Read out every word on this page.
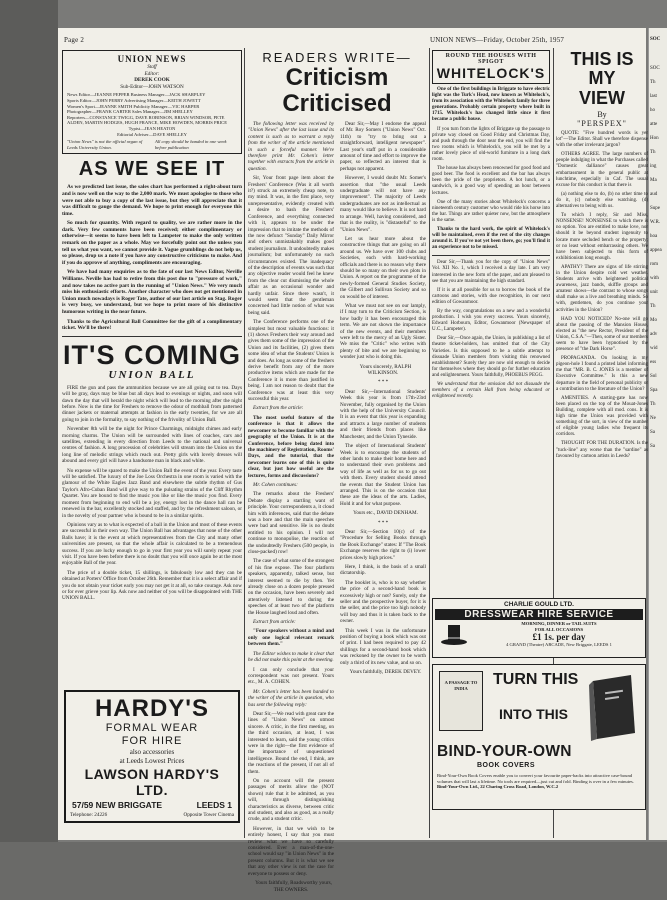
SOC
Page 2	UNION NEWS—Friday, October 25th, 1957
UNION NEWS
Staff
Editor:
DEREK COOK
Sub-Editor—JOHN WATSON
News Editor—JEANNE PEPPER Business Manager—JACK SHARPLEY
Sports Editor—JOHN PERRY Advertising Manager—KEITH JOWETT
Women's Sport—JEANNE SMITH Publicity Manager—VIC HARPER
Photographer—FRANK CARTER Sales Manager—JIM SHELLEY
Reporters—CONSTANCE TWIGG, DAVE ROBINSON, BRIAN WINDSOR, PETE ALDEN, MARTIN HODGES, HUGH FRANCE, MIKE HOWDEN, MORRIS PRICE
Typist—JEAN HEATON
Editorial Adviser—DAVE SHELLEY
"Union News" is not the official organ of Leeds University Union.
All copy should be handed in one week before publication
AS WE SEE IT

As we predicted last issue, the sales chart has performed a right-about turn and is now well on the way to the 2,000 mark. We must apologise to those who were not able to buy a copy of the last issue, but they will appreciate that it was difficult to gauge the demand. We hope to print enough for everyone this time.

So much for quantity. With regard to quality, we are rather more in the dark. Very few comments have been received; either complimentary or otherwise—it seems to have been left to Lampeter to make the only written remark on the paper as a whole. May we forcefully point out the unless you tell us what you want, we cannot provide it. Vague grumblings do not help us, so please, drop us a note if you have any constructive criticisms to make. And if you do approve of anything, compliments are encouraging.

We have had many enquiries as to the fate of our last News Editor, Neville Williams. Neville has had to retire from this post due to "pressure of work," and now takes no active part in the running of "Union News." We very much miss his enthusiastic efforts. Another character who does not get mentioned in Union much nowadays is Roger Tate, author of our last article on Stag. Roger is very busy, we understand, but we hope to print more of his distinctive humorous writing in the near future.

Thanks to the Agricultural Ball Committee for the gift of a complimentary ticket. We'll be there!

IT'S COMING
UNION BALL

FIRE the gun and pass the ammunition because we are all going out to tea. Days will be gray, days may be blue but all days lead to evenings or nights, and soon will dawn the day that will herald the night which will lead to the morning after the night before. Now is the time for Freshers to remove the odour of mothball from patterned dinner jackets or maternal attempts at fashion in the early twenties, for we are all going to join in the formality, to say nothing of the frivolity of Union Ball.

November 8th will be the night for Prince Charmings, midnight chimes and early morning charms. The Union will be surrounded with lines of coaches, cars and satellites, extending in every direction from Leeds to the national and universal centres of fashion. A long procession of celebrities will stream into the Union on the long line of melodic strings which reach out. Pretty girls with lovely dresses will abound and every girl will have a handsome man in black and white.

No expense will be spared to make the Union Ball the event of the year. Every taste will be satisfied. The luxury of the Joe Loss Orchestra in one room is varied with the glamour of the White Eagles Jazz Band and elsewhere the subtle rhythm of Gus Taylor's Afro-Cuban Band will give way to the pulsating strains of the Cliff Rhythm Quartet. You are bound to find the music you like or like the music you find. Every moment from beginning to end will be a joy, energy lost in the dance hall can be renewed in the bar, excellently stocked and staffed, and by the refreshment saloon, or in the novelty of your partner who is bound to be in a similar spirits.

Opinions vary as to what is expected of a ball in the Union and most of these events are successful in their own way. The Union Ball has advantages that none of the other Balls have; it is the event at which representatives from the City and many other universities are present, so that the whole affair is calculated to be a tremendous success. If you are lucky enough to go in your first year you will surely repeat your visit. If you have been before there is no doubt that you will once again be at the most enjoyable Ball of the year.

The price of a double ticket, 15 shillings, is fabulously low and they can be obtained at Porters' Office from October 26th. Remember that it is a select affair and if you do not obtain your ticket early you may not get it at all, so take courage. Ask now or for ever grieve your lip. Ask now and neither of you will be disappointed with THE UNION BALL.

HARDY'S
FORMAL WEAR
FOR HIRE
also accessories
at Leeds Lowest Prices
LAWSON HARDY'S LTD.
57/59 NEW BRIGGATE	LEEDS 1
Telephone: 24226	Opposite Tower Cinema
READERS WRITE—
Criticism Criticised

The following letter was received by "Union News" after the last issue and its content is such as to warrant a reply from the writer of the article mentioned in such a forceful manner. We're therefore print Mr. Cohen's letter together with extracts from the article in question.

Sir, Your front page item about the Freshers' Conference (Was it all worth it?) struck an extremely cheap note, to my mind. It was, in the first place, very unrepresentative, evidently created with a desire to bash the Freshers' Conference, and everything connected with it, appears to be under the impression that to imitate the methods of the now defunct "Sunday" Daily Mirror and others unmistakably makes good student journalism. It undoubtedly makes journalism; but unfortunately no such circumstances existed. The inadequacy of the description of events was such that any objective reader would feel he knew from the clear cut dismissing the whole affair as an occasional wonder and hardly unfair. Since there wasn't, it would seem that the gentleman concerned had little notion of what was being said.

The Conference performs one of the simplest but most valuable functions: it (1) shows Freshers their way around and gives them some of the impression of the Union and its facilities, (2) gives them some idea of what the Students' Union is and does. As long as some of the freshers derive benefit from any of the more productive items which are made for the Conference it is more than justified in being. I am not reason to doubt that the Conference was at least this very successful this year.

Extract from the article:

The most useful feature of the conference is that it allows the newcomer to become familiar with the geography of the Union. It is at the Conference, before being dated into the machinery of Registration, Rooms' Days, and the tutorial, that the newcomer learns one of this is quite clear, but just how useful are the lectures, forms and discussions?

Mr. Cohen continues:

The remarks about the Freshers' Debate display a startling want of principle. Your correspondents a, it cloud him with inferences, said that the debate was a bore and that the main speeches were bad and sensitive. He is no doubt entitled to his opinion. I will not continue to monopolise, the reaction of the undoubtedly Freshers (500 people, in close-packed) row!

The case of what some of the strongest of his fine expose. The four platform speakers, apparently, talked sense, but interest seemed to die by then. Yet already close on a dozen people pressed on the occasion, have been severely and attentively listened to during the speeches of at least two of the platform the House laughed loud and often.

Extract from article:

"Four speakers without a mind and only one logical relevant remark between them."

The Editor wishes to make it clear that he did not make this point at the meeting.

I can only conclude that your correspondent was not present. Yours etc., M. A. COHEN.

Mr. Cohen's letter has been handed to the writer of the article in question, who has sent the following reply:

Dear Sir,—We read with great care the lines of "Union News" on utmost sincere. A critic, in the first meeting, on the third occasion, at least, I was interested to learn, said the young critics were in the right—the first evidence of the importance of unquestioned intelligence. Bound the end, I think, are the reactions of the present, if not all of them.

On no account will the present passages of merits allow the (NOT shown) rule that it be admitted, as you will, through distinguishing characteristics as diverse, between critic and student, and also as good, as a really crude, and a student critic.

However, in that we wish to be entirely honest, I say that you must review what we have so carefully considered. Ever a man-of-the-one-school would say "in Union News" in the present columns. But it is what we see that any other view is not the case for everyone to possess or deny.

Yours faithfully, Roadsworthy yours, THE OWNERS.

Dear Sir,—May I endorse the appeal of Mr. Roy Somers ("Union News" Oct. 11th) to "try to bring out a straightforward, intelligent newspaper". Last year's staff put in a considerable amount of time and effort to improve the paper, so reflected an interest that is perhaps not apparent.

However, I would doubt Mr. Somer's assertion that "the usual Leeds undergraduate will not have any improvement". The majority of Leeds undergraduates are not as intellectual as many would like to believe. It is not hard to arrange. Well, having considered, and that is the reality, is "distasteful" to the "Union News".

Let us hear more about the constructive things that are going on all around us. We have over 100 clubs and Societies, each with hard-working officials and there is no reason why there should be so many on their own plots in Union. A report on the programme of the newly-formed General Studies Society, the Gilbert and Sullivan Society and so on would be of interest.

What we must not see on our lamply, if I may turn to the Criticism Section, is how badly it has been encouraged this term. We are not shown the importance of the new events, and their members were left to the mercy of an Ugly Sister. We miss the "Critic" who writes with plenty of bite and we are beginning to wonder just who is doing this.

Yours sincerely, RALPH WILKINSON.

* * *

Dear Sir,—International Students' Week this year is from 17th-23rd November, fully organised by the Union with the help of the University Council. It is an event that this year is expanding and attracts a large number of students and their friends from places like Manchester, and the Union Tyneside.

The object of International Students' Week is to encourage the students of other lands to make their home here and to understand their own problems and way of life as well as for us to go out with them. Every student should attend the events that the Student Union has arranged. This is on the occasion that these are the ideas of the arts. Ladies, Hold it and for what purpose.

Yours etc., DAVID DENHAM.

* * *

Dear Sir,—Section 10(c) of the "Procedure for Selling Books through the Book Exchange" states: If "The Book Exchange reserves the right to (i) lower prices slowly high prices."

Here, I think, is the basis of a small dictatorship.

The booklet is, who is to say whether the price of a second-hand book is excessively high or not? Surely, only the seller and the prospective buyer, for it is the seller, and the price too high nobody will buy and thus it is taken back to the owner.

This week I was in the unfortunate position of buying a book which was out of print. I had been required to pay 42 shillings for a second-hand book which was reckoned by the owner to be worth only a third of its new value, and so on.

Yours faithfully, DEREK DEVEY.

ROUND THE HOUSES WITH SPIGOT
WHITELOCK'S

One of the first buildings in Briggate to have electric light was the Turk's Head, now known as Whitelock's, from its association with the Whitelock family for three generations. Probably certain property where built in 1715. Whitelock's has changed little since it first became a public house.

If you turn from the lights of Briggate up the passage to private way closed on Good Friday and Christmas Day, and push through the door near the end, you will find the two rooms which is Whitelock's, you will be met by a rather lovely piece of old-world furniture in a long dark room.

The house has always been renowned for good food and good beer. The food is excellent and the bar has always been the pride of the proprietors. A hot lunch, or a sandwich, is a good way of spending an hour between lectures.

One of the many stories about Whitelock's concerns a nineteenth century customer who would ride his horse into the bar. Things are rather quieter now, but the atmosphere is the same.

Thanks to the hard work, the spirit of Whitelock's will be maintained, even if the rest of the city changes around it. If you've not yet been there, go; you'll find it an experience not to be missed.

Dear Sir,—Thank you for the copy of "Union News" Vol. XII No. 1, which I received a day late. I am very interested in the new form of the paper, and am pleased to see that you are maintaining the high standard.

If it is at all possible for us to borrow the book of the cartoons and stories, with due recognition, in our next edition of Gowanmoor.

By the way, congratulations on a new and a wonderful production. I wish you every success. Yours sincerely, Edward Horbourn, Editor, Gowanmoor (Newspaper of U.C., Lampeter).

Dear Sir,—Once again, the Union, in publishing a list of theatre ticket-holders, has omitted that of the City Varieties. Is this supposed to be a subtle attempt to dissuade Union members from visiting this renowned establishment? Surely they are now old enough to decide for themselves where they should go for further education and enlightenment. Yours faithfully, PHOEBUS PEGG.

We understand that the omission did not dissuade the members of a certain Hall from being educated or enlightened recently.

CHARLIE GOULD LTD.
DRESSWEAR HIRE SERVICE
MORNING, DINNER or TAIL SUITS
FOR ALL OCCASIONS
£1 1s. per day
4 GRAND (Theatre) ARCADE, New Briggate, LEEDS 1
A PASSAGE TO INDIA
TURN THIS
INTO THIS
BIND-YOUR-OWN
BOOK COVERS
Bind-Your-Own Book Covers enable you to convert your favourite paper-backs into attractive case-bound volumes that will last a lifetime. No tools are required—just cut and fold. Binding is over in a few minutes.
Bind-Your-Own Ltd., 22 Charing Cross Road, London, W.C.2
THIS IS MY
VIEW
By
"PERSPEX"

QUOTE: "Five hundred words is yer lot"—The Editor. Shall we therefore dispense with the other irrelevant jargon?

OTHERS AGREE. The large numbers of people indulging in what the Purchases called "Domestic dalliance" causes great embarrassment in the general public at lunchtime, especially in Caf. The usual excuse for this conduct is that there is

(a) nothing else to do, (b) no other time to do it, (c) nobody else watching. (d) alternatives to being with us.

To which I reply, Sir and Miss, NONSENSE! NONSENSE to which there is no option. You are entitled to make love, nor should it be beyond student ingenuity to locate more secluded bench or the property; or no least without embarrassing others. We have been subjected to this form of exhibitionism long enough.

APATHY? There are signs of life stirring in the Union despite cold wet weather. Students arrive with heightened political awareness, jazz bands, skiffle groups and amateur shows—the contrast to whose songs shall make us a live and breathing minds. So with, gentlemen, do you continue your activities in the Union?

HAD YOU NOTICED? No-one will go about the passing of the Mansion House, elected as "the new Rector, President of the Union, C.S.A."—Then, some of our members seem to have been hypnotised by the presence of "the Dark Horse".

PROPAGANDA. On looking in my pigeon-hole I found a printed label informing me that "MR. B. C. JONES is a member of Executive Committee." Is this a new departure in the field of personal publicity or a contribution to the literature of the Union?

AMENITIES. A starting-gate has now been placed on the top of the Mouat-Jones Building, complete with all mod. cons. It is high time the Union was provided with something of the sort, in view of the number of eligible young ladies who frequent its corridors.

THOUGHT FOR THE DURATION. Is the "tuck-line" any worse than the "sardine" as favoured by cartoon artists in Leeds?

SOC
Th
last
ho
atte
Hon
Th
ing
Ma
aud
Supe
W.R.
hoa
appea
rom
with
unit
Th
Mo
adv
wid
ess
Sol
Spa
Th
Ne
Sa
Sa
